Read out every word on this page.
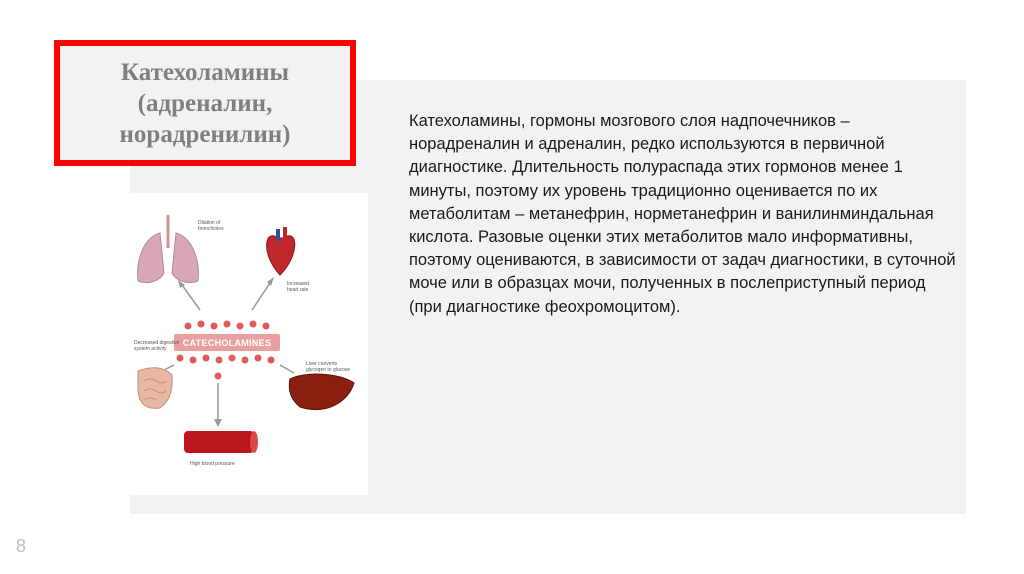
Катехоламины
(адреналин,
норадренилин)
Dilation of
bronchioles
Increased
heart rate
CATECHOLAMINES
Decreased digestive
system activity
Liver converts
glycogen to glucose
High blood pressure
Катехоламины, гормоны мозгового слоя надпочечников – норадреналин и адреналин, редко используются в первичной диагностике. Длительность полураспада этих гормонов менее 1 минуты, поэтому их уровень традиционно оценивается по их метаболитам – метанефрин, норметанефрин и ванилинминдальная кислота. Разовые оценки этих метаболитов мало информативны, поэтому оцениваются, в зависимости от задач диагностики, в суточной моче или в образцах мочи, полученных в послеприступный период (при диагностике феохромоцитом).
8
